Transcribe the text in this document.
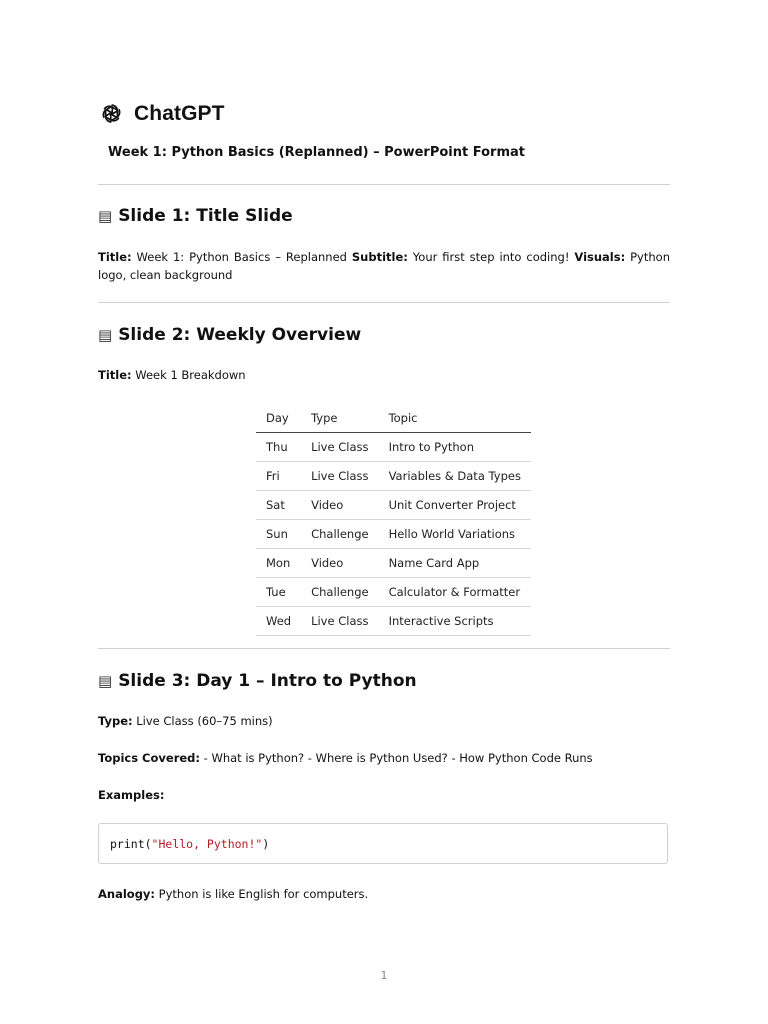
ChatGPT
Week 1: Python Basics (Replanned) – PowerPoint Format
▤ Slide 1: Title Slide
Title: Week 1: Python Basics – Replanned Subtitle: Your first step into coding! Visuals: Python logo, clean background
▤ Slide 2: Weekly Overview
Title: Week 1 Breakdown
Day	Type	Topic
Thu	Live Class	Intro to Python
Fri	Live Class	Variables & Data Types
Sat	Video	Unit Converter Project
Sun	Challenge	Hello World Variations
Mon	Video	Name Card App
Tue	Challenge	Calculator & Formatter
Wed	Live Class	Interactive Scripts
▤ Slide 3: Day 1 – Intro to Python
Type: Live Class (60–75 mins)
Topics Covered: - What is Python? - Where is Python Used? - How Python Code Runs
Examples:
print( "Hello, Python!" )
Analogy: Python is like English for computers.
1
